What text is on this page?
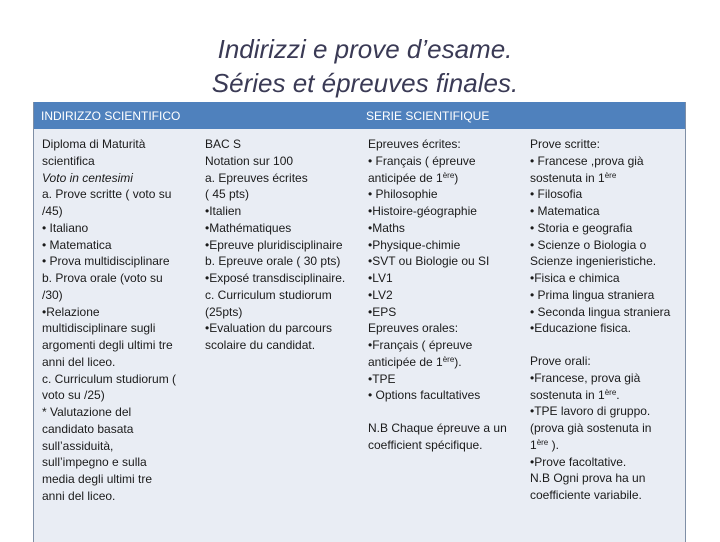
Indirizzi e prove d’esame.
Séries et épreuves finales.
INDIRIZZO SCIENTIFICO	SERIE SCIENTIFIQUE
Diploma di Maturità
scientifica
Voto in centesimi
a. Prove scritte ( voto su
/45)
• Italiano
• Matematica
• Prova multidisciplinare
b. Prova orale (voto su
/30)
•Relazione
multidisciplinare sugli
argomenti degli ultimi tre
anni del liceo.
c. Curriculum studiorum (
voto su /25)
* Valutazione del
candidato basata
sull’assiduità,
sull’impegno e sulla
media degli ultimi tre
anni del liceo.
BAC S
Notation sur 100
a. Epreuves écrites
( 45 pts)
•Italien
•Mathématiques
•Epreuve pluridisciplinaire
b. Epreuve orale ( 30 pts)
•Exposé transdisciplinaire.
c. Curriculum studiorum
(25pts)
•Evaluation du parcours
scolaire du candidat.
Epreuves écrites:
• Français ( épreuve
anticipée de 1ère)
• Philosophie
•Histoire-géographie
•Maths
•Physique-chimie
•SVT ou Biologie ou SI
•LV1
•LV2
•EPS
Epreuves orales:
•Français ( épreuve
anticipée de 1ère).
•TPE
• Options facultatives
N.B Chaque épreuve a un
coefficient spécifique.
Prove scritte:
• Francese ,prova già
sostenuta in 1ère
• Filosofia
• Matematica
• Storia e geografia
• Scienze o Biologia o
Scienze ingenieristiche.
•Fisica e chimica
• Prima lingua straniera
• Seconda lingua straniera
•Educazione fisica.
Prove orali:
•Francese, prova già
sostenuta in 1ère.
•TPE lavoro di gruppo.
(prova già sostenuta in
1ère ).
•Prove facoltative.
N.B Ogni prova ha un
coefficiente variabile.
